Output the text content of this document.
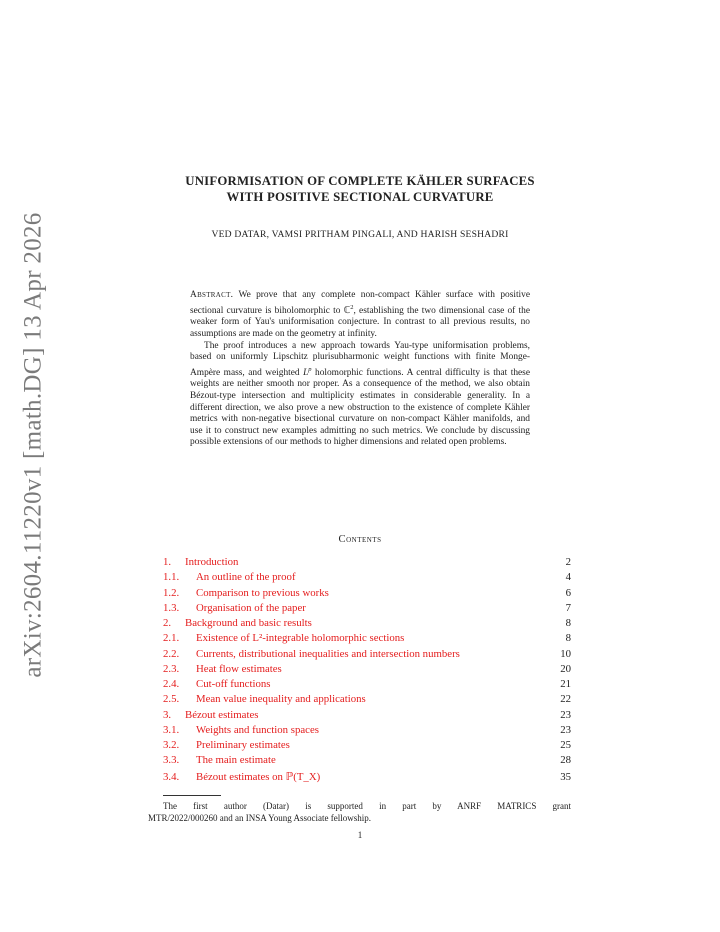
arXiv:2604.11220v1 [math.DG] 13 Apr 2026
UNIFORMISATION OF COMPLETE KÄHLER SURFACES
WITH POSITIVE SECTIONAL CURVATURE
VED DATAR, VAMSI PRITHAM PINGALI, AND HARISH SESHADRI

Abstract. We prove that any complete non-compact Kähler surface with positive sectional curvature is biholomorphic to ℂ$^2$, establishing the two dimensional case of the weaker form of Yau's uniformisation conjecture. In contrast to all previous results, no assumptions are made on the geometry at infinity.

The proof introduces a new approach towards Yau-type uniformisation problems, based on uniformly Lipschitz plurisubharmonic weight functions with finite Monge-Ampère mass, and weighted $L^p$ holomorphic functions. A central difficulty is that these weights are neither smooth nor proper. As a consequence of the method, we also obtain Bézout-type intersection and multiplicity estimates in considerable generality. In a different direction, we also prove a new obstruction to the existence of complete Kähler metrics with non-negative bisectional curvature on non-compact Kähler manifolds, and use it to construct new examples admitting no such metrics. We conclude by discussing possible extensions of our methods to higher dimensions and related open problems.

Contents
1. Introduction	2
1.1. An outline of the proof	4
1.2. Comparison to previous works	6
1.3. Organisation of the paper	7
2. Background and basic results	8
2.1. Existence of L²-integrable holomorphic sections	8
2.2. Currents, distributional inequalities and intersection numbers	10
2.3. Heat flow estimates	20
2.4. Cut-off functions	21
2.5. Mean value inequality and applications	22
3. Bézout estimates	23
3.1. Weights and function spaces	23
3.2. Preliminary estimates	25
3.3. The main estimate	28
3.4. Bézout estimates on ℙ(T_X)	35
The first author (Datar) is supported in part by ANRF MATRICS grant
MTR/2022/000260 and an INSA Young Associate fellowship.
1
